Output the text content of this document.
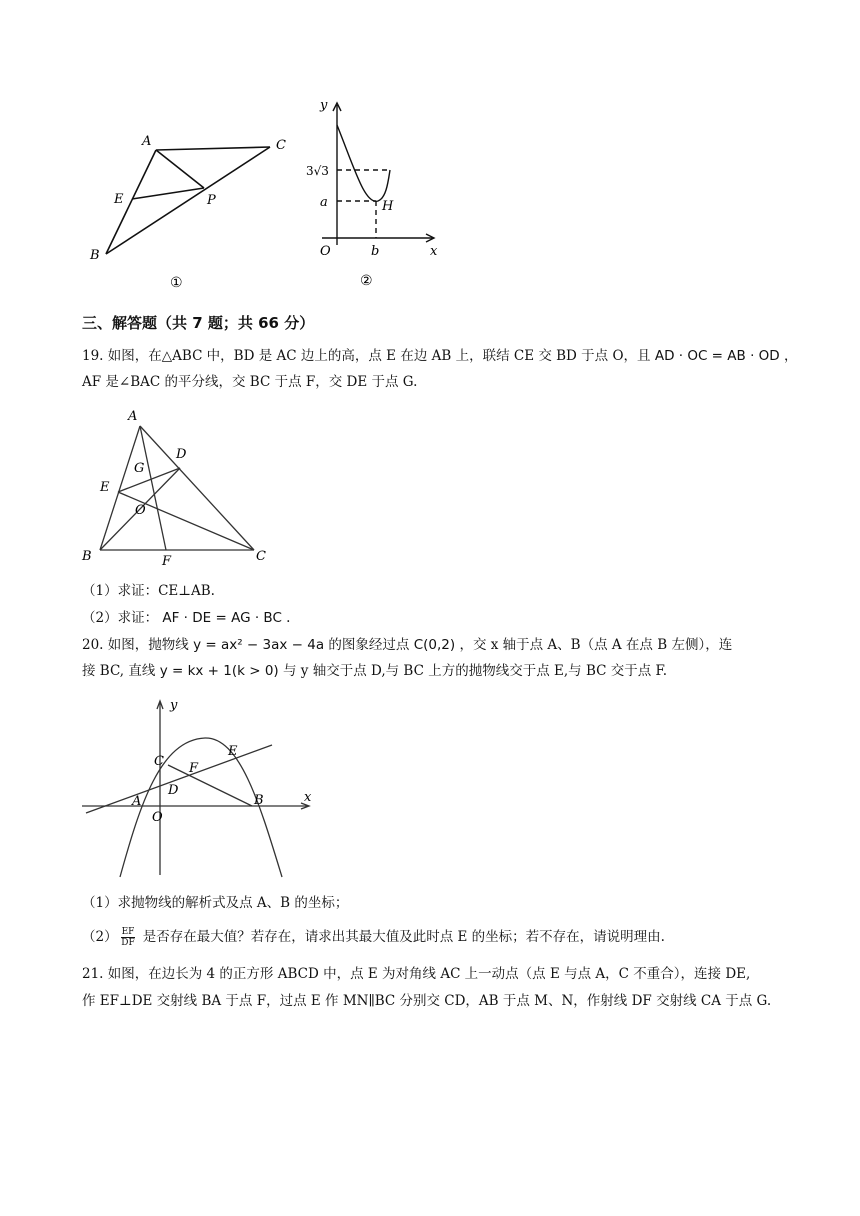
A	C
E	P
B
①
y
3√3
a	H
O	b	x
②
三、解答题（共 7 题；共 66 分）
19. 如图，在△ABC 中，BD 是 AC 边上的高，点 E 在边 AB 上，联结 CE 交 BD 于点 O，且 AD · OC = AB · OD ，
AF 是∠BAC 的平分线，交 BC 于点 F，交 DE 于点 G.
A
D
G
E
O
B	F	C
（1）求证：CE⊥AB.
（2）求证： AF · DE = AG · BC .
20. 如图，抛物线 y = ax² − 3ax − 4a 的图象经过点 C(0,2) ，交 x 轴于点 A、B（点 A 在点 B 左侧），连
接 BC, 直线 y = kx + 1(k > 0) 与 y 轴交于点 D,与 BC 上方的抛物线交于点 E,与 BC 交于点 F.
y
E
C F
D
A	x
B
O
（1）求抛物线的解析式及点 A、B 的坐标；
$(2) \frac{EF}{DF}$ 是否存在最大值？若存在，请求出其最大值及此时点 E 的坐标；若不存在，请说明理由.
21. 如图，在边长为 4 的正方形 ABCD 中，点 E 为对角线 AC 上一动点（点 E 与点 A，C 不重合），连接 DE,
作 EF⊥DE 交射线 BA 于点 F，过点 E 作 MN∥BC 分别交 CD，AB 于点 M、N，作射线 DF 交射线 CA 于点 G.
